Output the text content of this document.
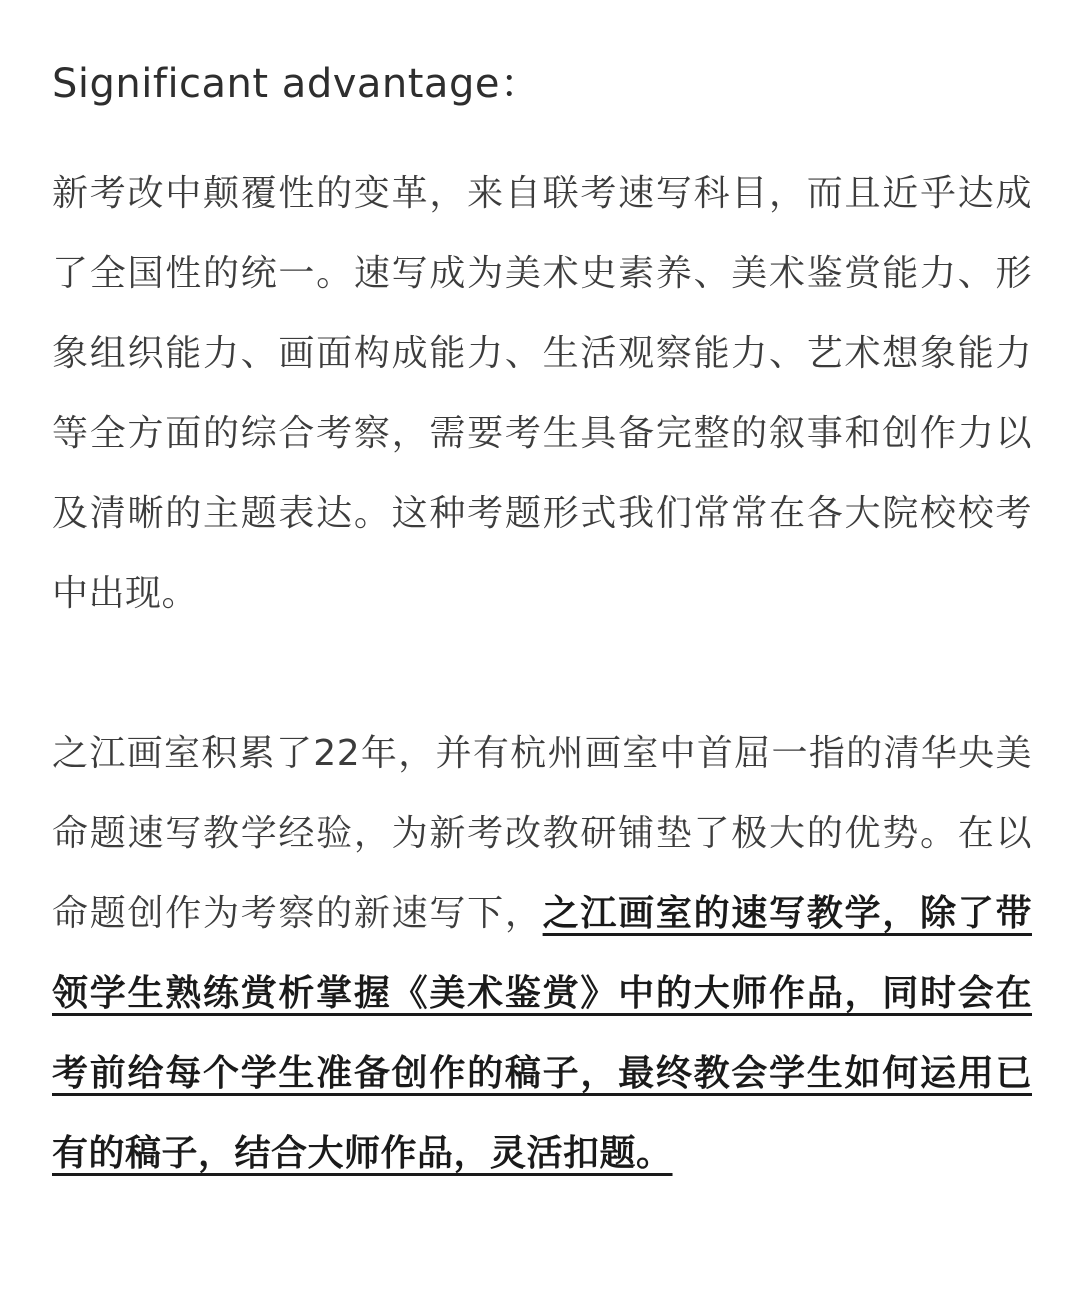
Significant advantage：

新考改中颠覆性的变革，来自联考速写科目，而且近乎达成了全国性的统一。速写成为美术史素养、美术鉴赏能力、形象组织能力、画面构成能力、生活观察能力、艺术想象能力等全方面的综合考察，需要考生具备完整的叙事和创作力以及清晰的主题表达。这种考题形式我们常常在各大院校校考中出现。

之江画室积累了22年，并有杭州画室中首屈一指的清华央美命题速写教学经验，为新考改教研铺垫了极大的优势。在以命题创作为考察的新速写下，之江画室的速写教学，除了带领学生熟练赏析掌握《美术鉴赏》中的大师作品，同时会在考前给每个学生准备创作的稿子，最终教会学生如何运用已有的稿子，结合大师作品，灵活扣题。
